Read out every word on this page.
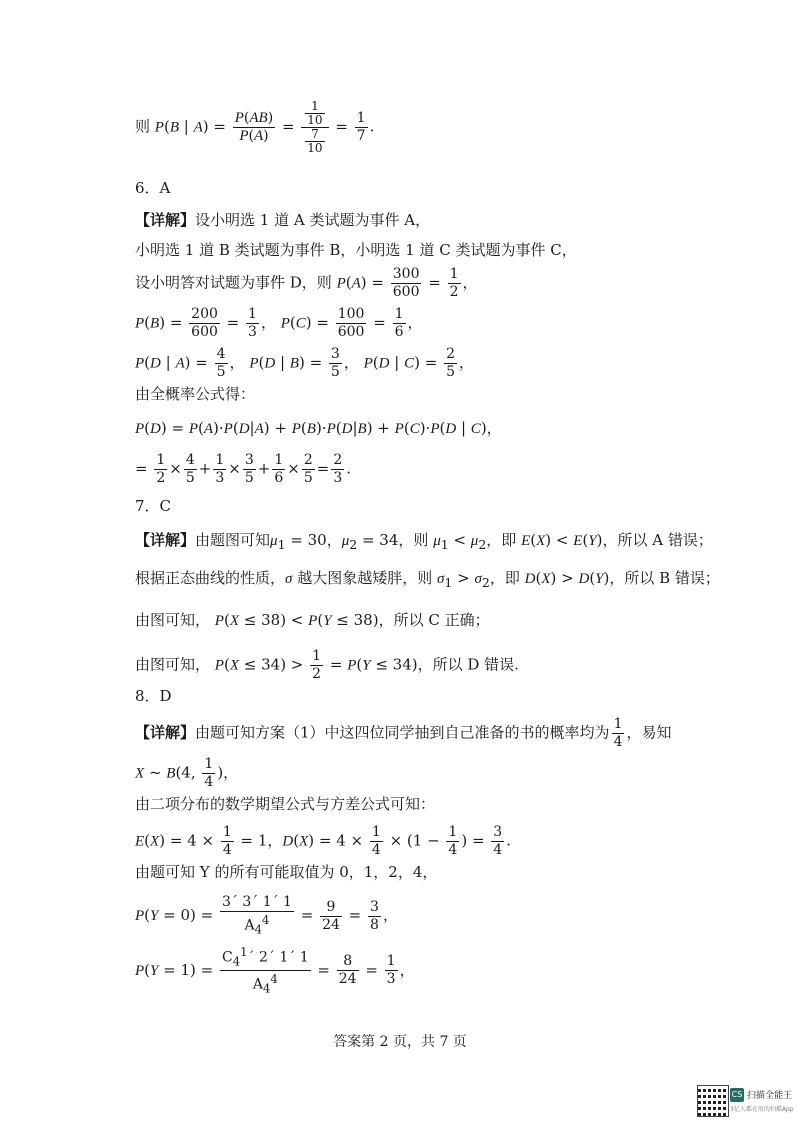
则 P(B | $A) = \frac{P(AB)}{P(A)} = \frac{\frac{1}{10}}{\frac{7}{10}} = \frac{1}{7}$ .
6．A
【详解】设小明选 1 道 A 类试题为事件 A，
小明选 1 道 B 类试题为事件 B，小明选 1 道 C 类试题为事件 C，
设小明答对试题为事件 D，则 $P(A) = \frac{300}{600} = \frac{1}{2}$ ，
$P(B) = \frac{200}{600} = \frac{1}{3}$ ， $P(C) = \frac{100}{600} = \frac{1}{6}$ ，
P(D | $A) = \frac{4}{5}$ ， P(D | $B) = \frac{3}{5}$ ， P(D | $C) = \frac{2}{5}$ ，
由全概率公式得：
P(D) = P(A)·P(D|A) + P(B)·P(D|B) + P(C)·P(D | C)，
= $\frac{1}{2} \times \frac{4}{5} + \frac{1}{3} \times \frac{3}{5} + \frac{1}{6} \times \frac{2}{5} = \frac{2}{3}$ .
7．C
【详解】由题图可知$\mu_1 = 30$，$\mu_2 = 34$，则 $\mu_1 < \mu_2$，即 E(X) < E(Y)，所以 A 错误；
根据正态曲线的性质，σ 越大图象越矮胖，则 $\sigma_1 > \sigma_2$，即 D(X) > D(Y)，所以 B 错误；
由图可知， P(X ≤ 38) < P(Y ≤ 38)，所以 C 正确；
由图可知， $P(X \le 34) > \frac{1}{2} = P(Y \le 34)$，所以 D 错误.
8．D
【详解】由题可知方案（1）中这四位同学抽到自己准备的书的概率均为 $\frac{1}{4}$ ，易知
X ~ B(4, $\frac{1}{4}$ )，
由二项分布的数学期望公式与方差公式可知：
$E(X) = 4 \times \frac{1}{4} = 1$，$D(X) = 4 \times \frac{1}{4} \times (1 - \frac{1}{4}$ ) = $\frac{3}{4}$ .
由题可知 Y 的所有可能取值为 0，1，2，4，
$P(Y = 0) = \frac{\text{3ˊ 3ˊ 1ˊ 1}}{A_4^4} = \frac{9}{24} = \frac{3}{8}$ ，
$P(Y = 1) = \frac{C_4^1ˊ 2ˊ 1ˊ 1}{A_4^4} = \frac{8}{24} = \frac{1}{3}$ ，
答案第 2 页，共 7 页
CS 扫描全能王
3亿人都在用的扫描App
